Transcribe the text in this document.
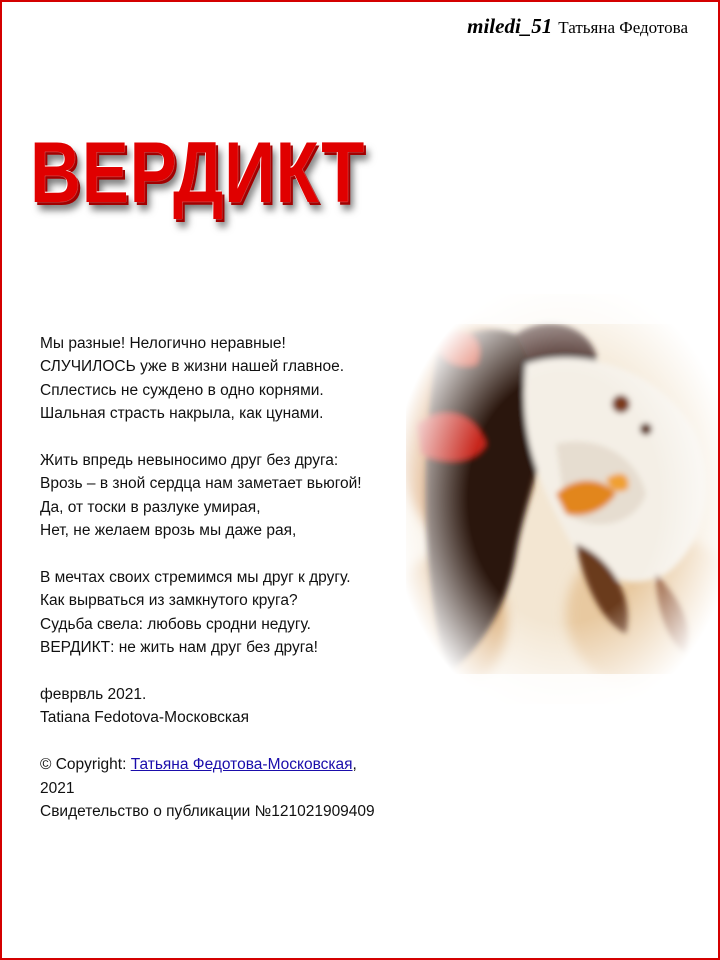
miledi_51 Татьяна Федотова
ВЕРДИКТ
Мы разные! Нелогично неравные!
СЛУЧИЛОСЬ уже в жизни нашей главное.
Сплестись не суждено в одно корнями.
Шальная страсть накрыла, как цунами.
Жить впредь невыносимо друг без друга:
Врозь – в зной сердца нам заметает вьюгой!
Да, от тоски в разлуке умирая,
Нет, не желаем врозь мы даже рая,
В мечтах своих стремимся мы друг к другу.
Как вырваться из замкнутого круга?
Судьба свела: любовь сродни недугу.
ВЕРДИКТ: не жить нам друг без друга!
феврвль 2021.
Tatiana Fedotova-Московская
© Copyright: Татьяна Федотова-Московская,
2021
Свидетельство о публикации №121021909409
